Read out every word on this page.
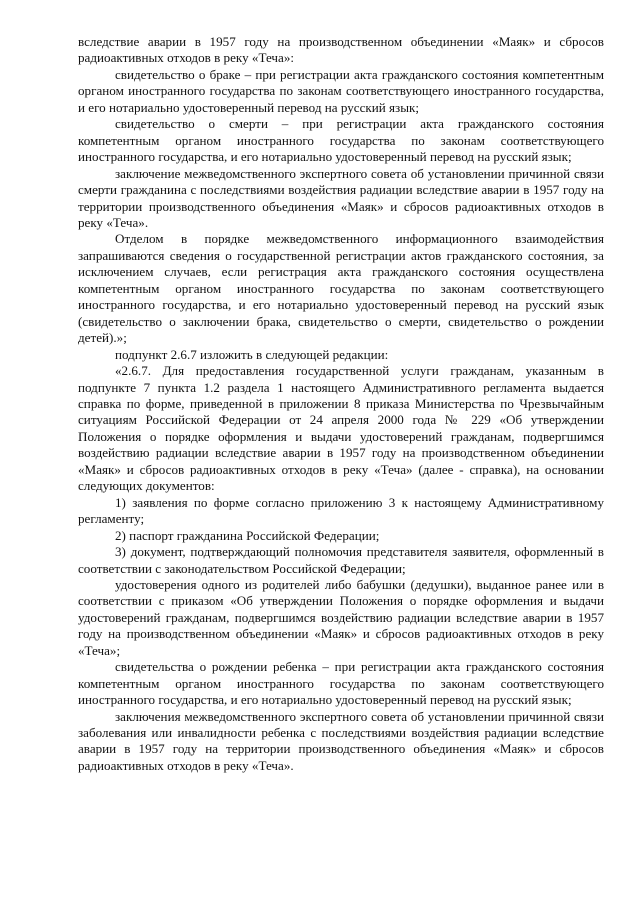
вследствие аварии в 1957 году на производственном объединении «Маяк» и сбросов радиоактивных отходов в реку «Теча»:

свидетельство о браке – при регистрации акта гражданского состояния компетентным органом иностранного государства по законам соответствующего иностранного государства, и его нотариально удостоверенный перевод на русский язык;

свидетельство о смерти – при регистрации акта гражданского состояния компетентным органом иностранного государства по законам соответствующего иностранного государства, и его нотариально удостоверенный перевод на русский язык;

заключение межведомственного экспертного совета об установлении причинной связи смерти гражданина с последствиями воздействия радиации вследствие аварии в 1957 году на территории производственного объединения «Маяк» и сбросов радиоактивных отходов в реку «Теча».

Отделом в порядке межведомственного информационного взаимодействия запрашиваются сведения о государственной регистрации актов гражданского состояния, за исключением случаев, если регистрация акта гражданского состояния осуществлена компетентным органом иностранного государства по законам соответствующего иностранного государства, и его нотариально удостоверенный перевод на русский язык (свидетельство о заключении брака, свидетельство о смерти, свидетельство о рождении детей).»;

подпункт 2.6.7 изложить в следующей редакции:

«2.6.7. Для предоставления государственной услуги гражданам, указанным в подпункте 7 пункта 1.2 раздела 1 настоящего Административного регламента выдается справка по форме, приведенной в приложении 8 приказа Министерства по Чрезвычайным ситуациям Российской Федерации от 24 апреля 2000 года № 229 «Об утверждении Положения о порядке оформления и выдачи удостоверений гражданам, подвергшимся воздействию радиации вследствие аварии в 1957 году на производственном объединении «Маяк» и сбросов радиоактивных отходов в реку «Теча» (далее - справка), на основании следующих документов:

1) заявления по форме согласно приложению 3 к настоящему Административному регламенту;

2) паспорт гражданина Российской Федерации;

3) документ, подтверждающий полномочия представителя заявителя, оформленный в соответствии с законодательством Российской Федерации;

удостоверения одного из родителей либо бабушки (дедушки), выданное ранее или в соответствии с приказом «Об утверждении Положения о порядке оформления и выдачи удостоверений гражданам, подвергшимся воздействию радиации вследствие аварии в 1957 году на производственном объединении «Маяк» и сбросов радиоактивных отходов в реку «Теча»;

свидетельства о рождении ребенка – при регистрации акта гражданского состояния компетентным органом иностранного государства по законам соответствующего иностранного государства, и его нотариально удостоверенный перевод на русский язык;

заключения межведомственного экспертного совета об установлении причинной связи заболевания или инвалидности ребенка с последствиями воздействия радиации вследствие аварии в 1957 году на территории производственного объединения «Маяк» и сбросов радиоактивных отходов в реку «Теча».
